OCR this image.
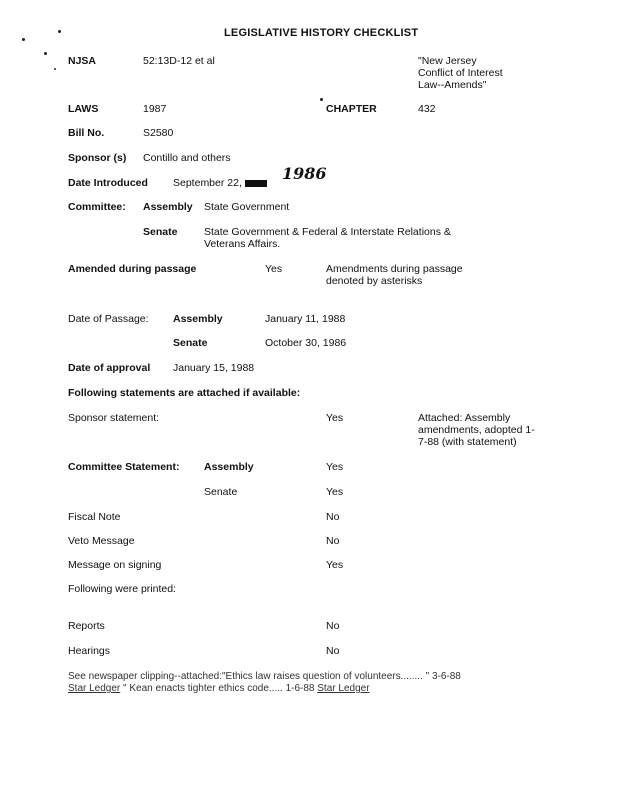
LEGISLATIVE HISTORY CHECKLIST
NJSA	52:13D-12 et al	"New Jersey
Conflict of Interest
Law--Amends"
LAWS	1987	CHAPTER	432
Bill No.	S2580
Sponsor (s) Contillo and others
Date Introduced September 22,	1986
Committee: Assembly State Government
Senate	State Government & Federal & Interstate Relations &
Veterans Affairs.
Amended during passage	Yes	Amendments during passage
denoted by asterisks
Date of Passage: Assembly	January 11, 1988
Senate	October 30, 1986
Date of approval January 15, 1988
Following statements are attached if available:
Sponsor statement:	Yes	Attached: Assembly
amendments, adopted 1-
7-88 (with statement)
Committee Statement: Assembly	Yes
Senate	Yes
Fiscal Note	No
Veto Message	No
Message on signing	Yes
Following were printed:
Reports	No
Hearings	No
See newspaper clipping--attached:"Ethics law raises question of volunteers........ " 3-6-88
Star Ledger " Kean enacts tighter ethics code..... 1-6-88 Star Ledger
